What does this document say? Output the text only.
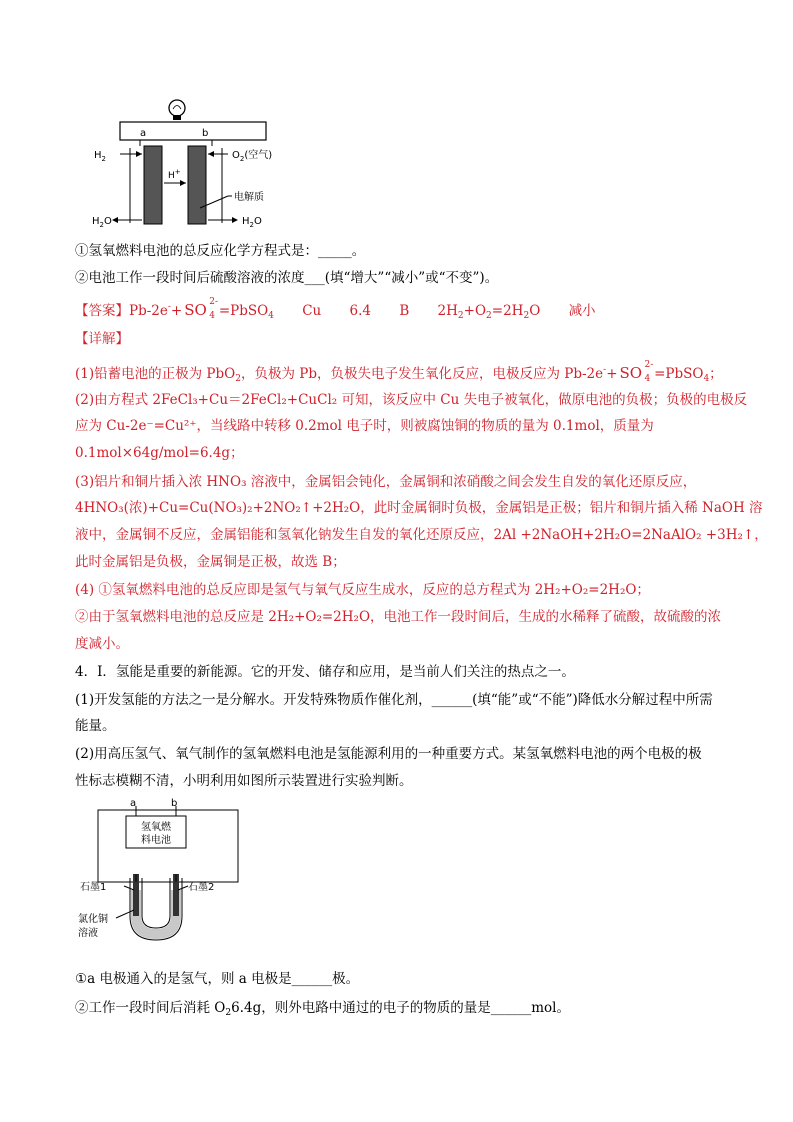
a	b
$H_2$	$O_2$(空气)
H+
电解质
$H_2O$	$H_2O$
①氢氧燃料电池的总反应化学方程式是：_____。
②电池工作一段时间后硫酸溶液的浓度___(填“增大”“减小”或“不变”)。
【答案】Pb-2e-+ SO 2-
4 =PbSO$_4$ Cu 6.4 B $2H_2+O_2=2H_2O$ 减小
【详解】
(1)铅蓄电池的正极为 PbO$_2$，负极为 Pb，负极失电子发生氧化反应，电极反应为 Pb-2e-+ SO 2-
4 =PbSO$_4$；
(2)由方程式 2FeCl₃+Cu＝2FeCl₂+CuCl₂ 可知，该反应中 Cu 失电子被氧化，做原电池的负极；负极的电极反
应为 Cu-2e⁻=Cu²⁺，当线路中转移 0.2mol 电子时，则被腐蚀铜的物质的量为 0.1mol，质量为
0.1mol×64g/mol=6.4g；
(3)铝片和铜片插入浓 HNO₃ 溶液中，金属铝会钝化，金属铜和浓硝酸之间会发生自发的氧化还原反应，
4HNO₃(浓)+Cu=Cu(NO₃)₂+2NO₂↑+2H₂O，此时金属铜时负极，金属铝是正极；铝片和铜片插入稀 NaOH 溶
液中，金属铜不反应，金属铝能和氢氧化钠发生自发的氧化还原反应，2Al +2NaOH+2H₂O=2NaAlO₂ +3H₂↑，
此时金属铝是负极，金属铜是正极，故选 B；
(4) ①氢氧燃料电池的总反应即是氢气与氧气反应生成水，反应的总方程式为 2H₂+O₂=2H₂O；
②由于氢氧燃料电池的总反应是 2H₂+O₂=2H₂O，电池工作一段时间后，生成的水稀释了硫酸，故硫酸的浓
度减小。
4．I．氢能是重要的新能源。它的开发、储存和应用，是当前人们关注的热点之一。
(1)开发氢能的方法之一是分解水。开发特殊物质作催化剂，______(填“能”或“不能”)降低水分解过程中所需
能量。
(2)用高压氢气、氧气制作的氢氧燃料电池是氢能源利用的一种重要方式。某氢氧燃料电池的两个电极的极
性标志模糊不清，小明利用如图所示装置进行实验判断。
a	b
氢氧燃
料电池
石墨1	石墨2
氯化铜
溶液
①a 电极通入的是氢气，则 a 电极是______极。
②工作一段时间后消耗 $O_26.4g$，则外电路中通过的电子的物质的量是______mol。
